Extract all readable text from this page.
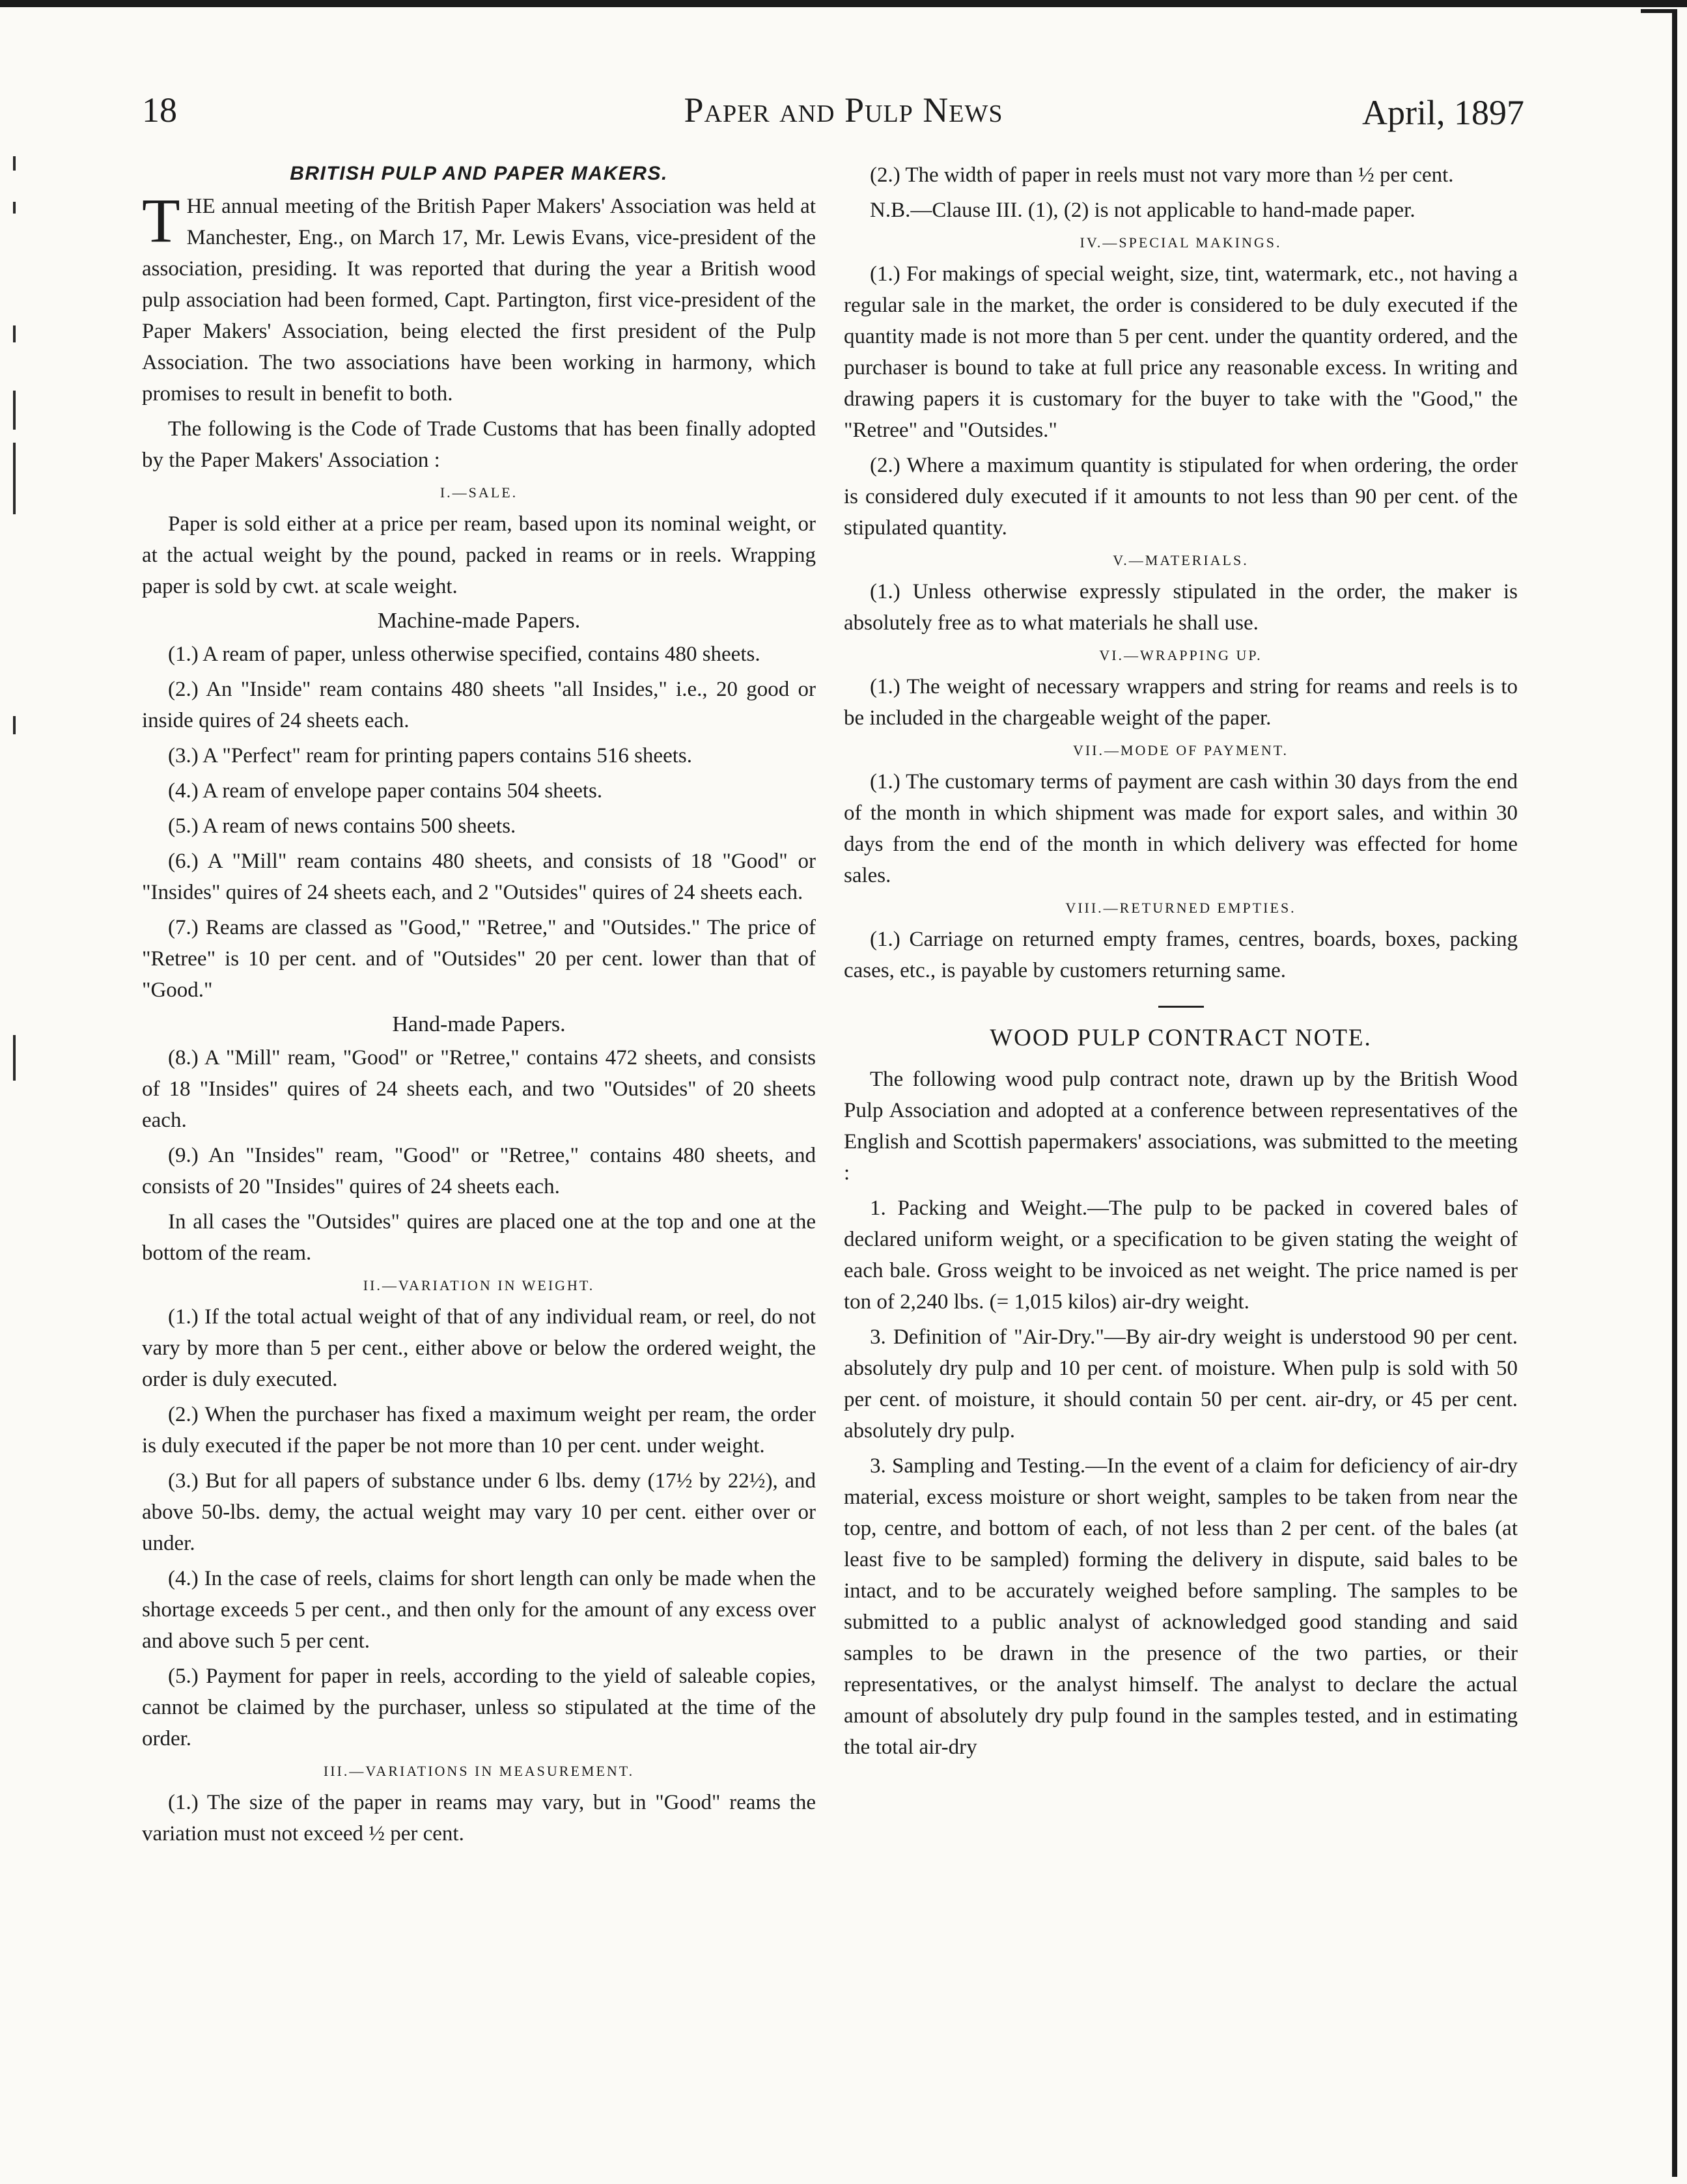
18	Paper and Pulp News	April, 1897
BRITISH PULP AND PAPER MAKERS.

THE annual meeting of the British Paper Makers' Association was held at Manchester, Eng., on March 17, Mr. Lewis Evans, vice-president of the association, presiding. It was reported that during the year a British wood pulp association had been formed, Capt. Partington, first vice-president of the Paper Makers' Association, being elected the first president of the Pulp Association. The two associations have been working in harmony, which promises to result in benefit to both.

The following is the Code of Trade Customs that has been finally adopted by the Paper Makers' Association :

I.—SALE.

Paper is sold either at a price per ream, based upon its nominal weight, or at the actual weight by the pound, packed in reams or in reels. Wrapping paper is sold by cwt. at scale weight.

Machine-made Papers.

(1.) A ream of paper, unless otherwise specified, contains 480 sheets.

(2.) An "Inside" ream contains 480 sheets "all Insides," i.e., 20 good or inside quires of 24 sheets each.

(3.) A "Perfect" ream for printing papers contains 516 sheets.

(4.) A ream of envelope paper contains 504 sheets.

(5.) A ream of news contains 500 sheets.

(6.) A "Mill" ream contains 480 sheets, and consists of 18 "Good" or "Insides" quires of 24 sheets each, and 2 "Outsides" quires of 24 sheets each.

(7.) Reams are classed as "Good," "Retree," and "Outsides." The price of "Retree" is 10 per cent. and of "Outsides" 20 per cent. lower than that of "Good."

Hand-made Papers.

(8.) A "Mill" ream, "Good" or "Retree," contains 472 sheets, and consists of 18 "Insides" quires of 24 sheets each, and two "Outsides" of 20 sheets each.

(9.) An "Insides" ream, "Good" or "Retree," contains 480 sheets, and consists of 20 "Insides" quires of 24 sheets each.

In all cases the "Outsides" quires are placed one at the top and one at the bottom of the ream.

II.—VARIATION IN WEIGHT.

(1.) If the total actual weight of that of any individual ream, or reel, do not vary by more than 5 per cent., either above or below the ordered weight, the order is duly executed.

(2.) When the purchaser has fixed a maximum weight per ream, the order is duly executed if the paper be not more than 10 per cent. under weight.

(3.) But for all papers of substance under 6 lbs. demy (17½ by 22½), and above 50-lbs. demy, the actual weight may vary 10 per cent. either over or under.

(4.) In the case of reels, claims for short length can only be made when the shortage exceeds 5 per cent., and then only for the amount of any excess over and above such 5 per cent.

(5.) Payment for paper in reels, according to the yield of saleable copies, cannot be claimed by the purchaser, unless so stipulated at the time of the order.

III.—VARIATIONS IN MEASUREMENT.

(1.) The size of the paper in reams may vary, but in "Good" reams the variation must not exceed ½ per cent.

(2.) The width of paper in reels must not vary more than ½ per cent.

N.B.—Clause III. (1), (2) is not applicable to hand-made paper.

IV.—SPECIAL MAKINGS.

(1.) For makings of special weight, size, tint, watermark, etc., not having a regular sale in the market, the order is considered to be duly executed if the quantity made is not more than 5 per cent. under the quantity ordered, and the purchaser is bound to take at full price any reasonable excess. In writing and drawing papers it is customary for the buyer to take with the "Good," the "Retree" and "Outsides."

(2.) Where a maximum quantity is stipulated for when ordering, the order is considered duly executed if it amounts to not less than 90 per cent. of the stipulated quantity.

V.—MATERIALS.

(1.) Unless otherwise expressly stipulated in the order, the maker is absolutely free as to what materials he shall use.

VI.—WRAPPING UP.

(1.) The weight of necessary wrappers and string for reams and reels is to be included in the chargeable weight of the paper.

VII.—MODE OF PAYMENT.

(1.) The customary terms of payment are cash within 30 days from the end of the month in which shipment was made for export sales, and within 30 days from the end of the month in which delivery was effected for home sales.

VIII.—RETURNED EMPTIES.

(1.) Carriage on returned empty frames, centres, boards, boxes, packing cases, etc., is payable by customers returning same.

WOOD PULP CONTRACT NOTE.

The following wood pulp contract note, drawn up by the British Wood Pulp Association and adopted at a conference between representatives of the English and Scottish papermakers' associations, was submitted to the meeting :

1. Packing and Weight.—The pulp to be packed in covered bales of declared uniform weight, or a specification to be given stating the weight of each bale. Gross weight to be invoiced as net weight. The price named is per ton of 2,240 lbs. (= 1,015 kilos) air-dry weight.

3. Definition of "Air-Dry."—By air-dry weight is understood 90 per cent. absolutely dry pulp and 10 per cent. of moisture. When pulp is sold with 50 per cent. of moisture, it should contain 50 per cent. air-dry, or 45 per cent. absolutely dry pulp.

3. Sampling and Testing.—In the event of a claim for deficiency of air-dry material, excess moisture or short weight, samples to be taken from near the top, centre, and bottom of each, of not less than 2 per cent. of the bales (at least five to be sampled) forming the delivery in dispute, said bales to be intact, and to be accurately weighed before sampling. The samples to be submitted to a public analyst of acknowledged good standing and said samples to be drawn in the presence of the two parties, or their representatives, or the analyst himself. The analyst to declare the actual amount of absolutely dry pulp found in the samples tested, and in estimating the total air-dry
